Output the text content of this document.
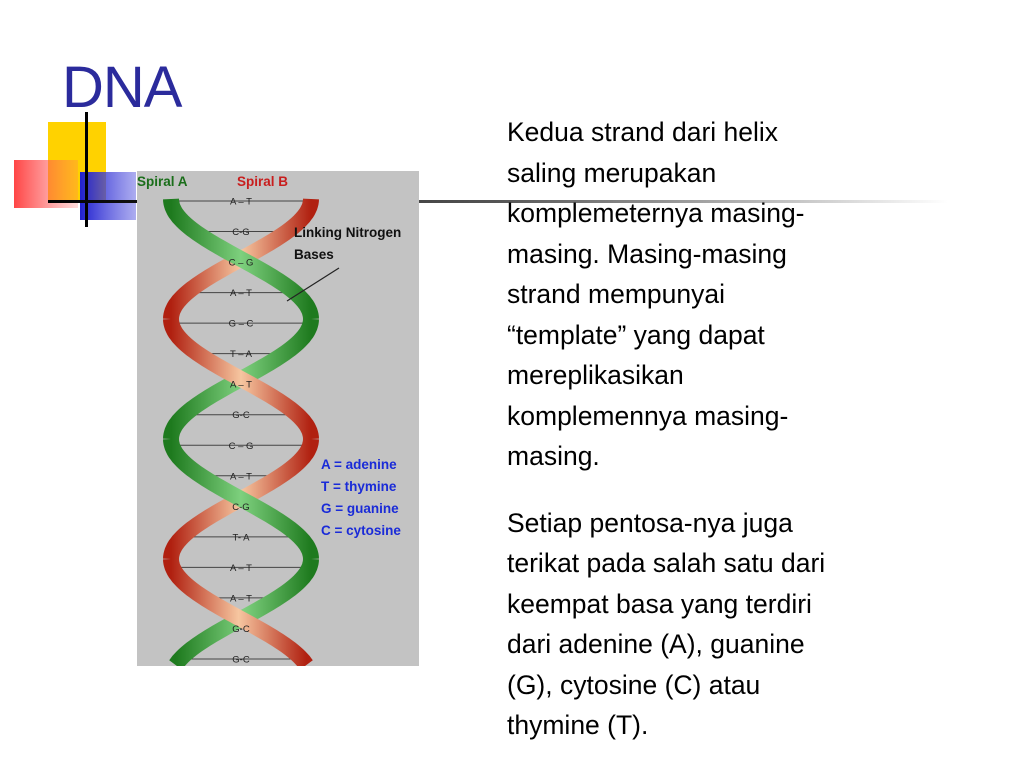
DNA
A – T
C-G
C – G
A – T
G – C
T – A
A – T
G-C
C – G
A – T
C-G
T- A
A – T
A – T
G-C
G-C
Spiral A	Spiral B
Linking Nitrogen
Bases
A = adenine
T = thymine
G = guanine
C = cytosine

Kedua strand dari helix
saling merupakan
komplemeternya masing-
masing. Masing-masing
strand mempunyai
“template” yang dapat
mereplikasikan
komplemennya masing-
masing.

Setiap pentosa-nya juga
terikat pada salah satu dari
keempat basa yang terdiri
dari adenine (A), guanine
(G), cytosine (C) atau
thymine (T).
